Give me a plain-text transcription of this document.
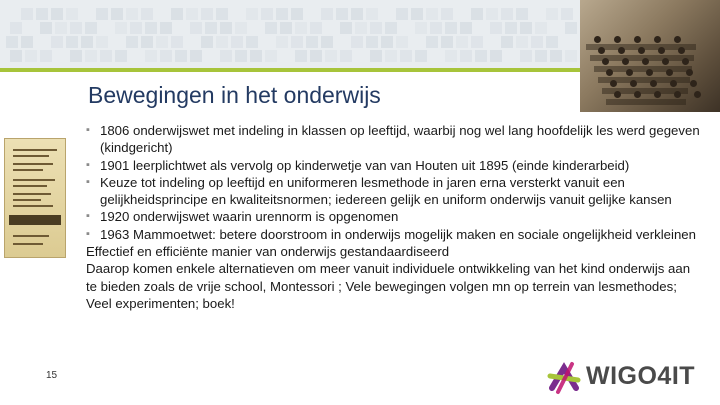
Bewegingen in het onderwijs
▪ 1806 onderwijswet met indeling in klassen op leeftijd, waarbij nog wel lang hoofdelijk les werd gegeven (kindgericht)
▪ 1901 leerplichtwet als vervolg op kinderwetje van van Houten uit 1895 (einde kinderarbeid)
▪ Keuze tot indeling op leeftijd en uniformeren lesmethode in jaren erna versterkt vanuit een gelijkheidsprincipe en kwaliteitsnormen; iedereen gelijk en uniform onderwijs vanuit gelijke kansen
▪ 1920 onderwijswet waarin urennorm is opgenomen
▪ 1963 Mammoetwet: betere doorstroom in onderwijs mogelijk maken en sociale ongelijkheid verkleinen

Effectief en efficiënte manier van onderwijs gestandaardiseerd

Daarop komen enkele alternatieven om meer vanuit individuele ontwikkeling van het kind onderwijs aan te bieden zoals de vrije school, Montessori ; Vele bewegingen volgen mn op terrein van lesmethodes; Veel experimenten; boek!

15	WIGO4IT
